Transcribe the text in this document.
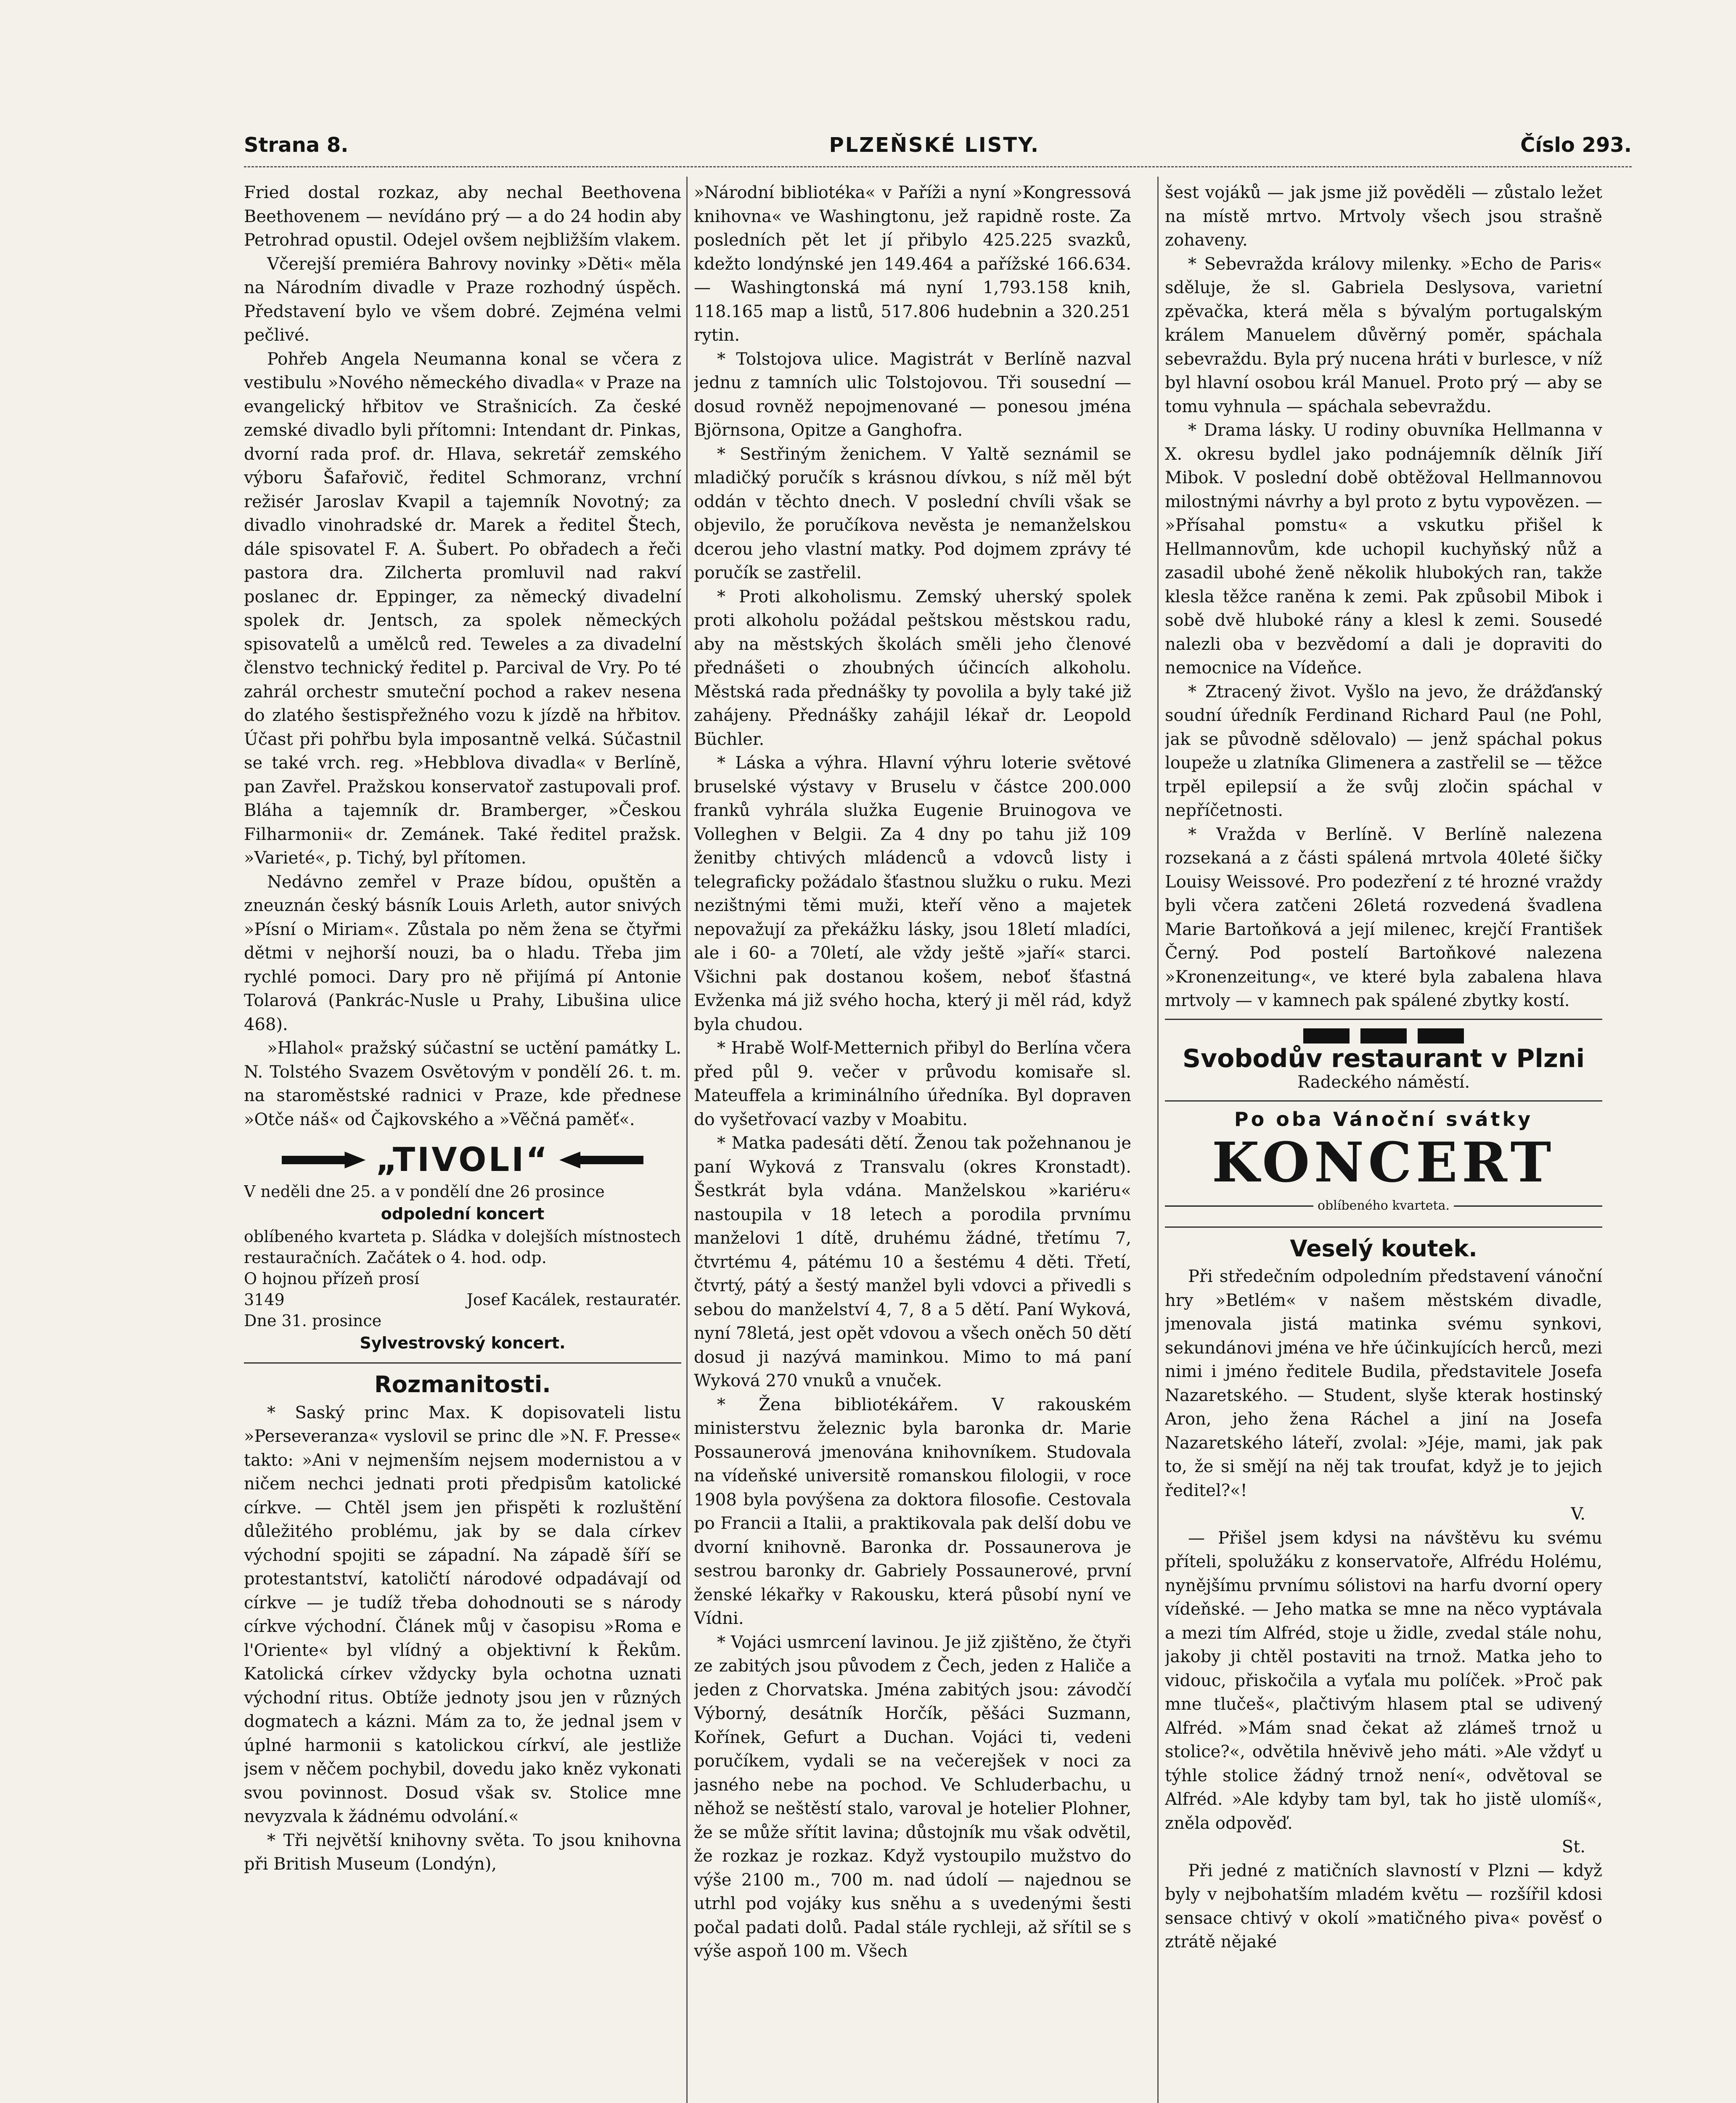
Strana 8.	PLZEŇSKÉ LISTY.	Číslo 293.

Fried dostal rozkaz, aby nechal Beethovena Beethovenem — nevídáno prý — a do 24 hodin aby Petrohrad opustil. Odejel ovšem nejbližším vlakem.

Včerejší premiéra Bahrovy novinky »Děti« měla na Národním divadle v Praze rozhodný úspěch. Představení bylo ve všem dobré. Zejména velmi pečlivé.

Pohřeb Angela Neumanna konal se včera z vestibulu »Nového německého divadla« v Praze na evangelický hřbitov ve Strašnicích. Za české zemské divadlo byli přítomni: Intendant dr. Pinkas, dvorní rada prof. dr. Hlava, sekretář zemského výboru Šafařovič, ředitel Schmoranz, vrchní režisér Jaroslav Kvapil a tajemník Novotný; za divadlo vinohradské dr. Marek a ředitel Štech, dále spisovatel F. A. Šubert. Po obřadech a řeči pastora dra. Zilcherta promluvil nad rakví poslanec dr. Eppinger, za německý divadelní spolek dr. Jentsch, za spolek německých spisovatelů a umělců red. Teweles a za divadelní členstvo technický ředitel p. Parcival de Vry. Po té zahrál orchestr smuteční pochod a rakev nesena do zlatého šestispřežného vozu k jízdě na hřbitov. Účast při pohřbu byla imposantně velká. Súčastnil se také vrch. reg. »Hebblova divadla« v Berlíně, pan Zavřel. Pražskou konservatoř zastupovali prof. Bláha a tajemník dr. Bramberger, »Českou Filharmonii« dr. Zemánek. Také ředitel pražsk. »Varieté«, p. Tichý, byl přítomen.

Nedávno zemřel v Praze bídou, opuštěn a zneuznán český básník Louis Arleth, autor snivých »Písní o Miriam«. Zůstala po něm žena se čtyřmi dětmi v nejhorší nouzi, ba o hladu. Třeba jim rychlé pomoci. Dary pro ně přijímá pí Antonie Tolarová (Pankrác-Nusle u Prahy, Libušina ulice 468).

»Hlahol« pražský súčastní se uctění památky L. N. Tolstého Svazem Osvětovým v pondělí 26. t. m. na staroměstské radnici v Praze, kde přednese »Otče náš« od Čajkovského a »Věčná paměť«.

„TIVOLI“
V neděli dne 25. a v pondělí dne 26 prosince
odpolední koncert
oblíbeného kvarteta p. Sládka v dolejších místnostech restauračních. Začátek o 4. hod. odp.
O hojnou přízeň prosí
3149	Josef Kacálek, restauratér.
Dne 31. prosince
Sylvestrovský koncert.
Rozmanitosti.

* Saský princ Max. K dopisovateli listu »Perseveranza« vyslovil se princ dle »N. F. Presse« takto: »Ani v nejmenším nejsem modernistou a v ničem nechci jednati proti předpisům katolické církve. — Chtěl jsem jen přispěti k rozluštění důležitého problému, jak by se dala církev východní spojiti se západní. Na západě šíří se protestantství, katoličtí národové odpadávají od církve — je tudíž třeba dohodnouti se s národy církve východní. Článek můj v časopisu »Roma e l'Oriente« byl vlídný a objektivní k Řekům. Katolická církev vždycky byla ochotna uznati východní ritus. Obtíže jednoty jsou jen v různých dogmatech a kázni. Mám za to, že jednal jsem v úplné harmonii s katolickou církví, ale jestliže jsem v něčem pochybil, dovedu jako kněz vykonati svou povinnost. Dosud však sv. Stolice mne nevyzvala k žádnému odvolání.«

* Tři největší knihovny světa. To jsou knihovna při British Museum (Londýn),

»Národní bibliotéka« v Paříži a nyní »Kongressová knihovna« ve Washingtonu, jež rapidně roste. Za posledních pět let jí přibylo 425.225 svazků, kdežto londýnské jen 149.464 a pařížské 166.634. — Washingtonská má nyní 1,793.158 knih, 118.165 map a listů, 517.806 hudebnin a 320.251 rytin.

* Tolstojova ulice. Magistrát v Berlíně nazval jednu z tamních ulic Tolstojovou. Tři sousední — dosud rovněž nepojmenované — ponesou jména Björnsona, Opitze a Ganghofra.

* Sestřiným ženichem. V Yaltě seznámil se mladičký poručík s krásnou dívkou, s níž měl být oddán v těchto dnech. V poslední chvíli však se objevilo, že poručíkova nevěsta je nemanželskou dcerou jeho vlastní matky. Pod dojmem zprávy té poručík se zastřelil.

* Proti alkoholismu. Zemský uherský spolek proti alkoholu požádal peštskou městskou radu, aby na městských školách směli jeho členové přednášeti o zhoubných účincích alkoholu. Městská rada přednášky ty povolila a byly také již zahájeny. Přednášky zahájil lékař dr. Leopold Büchler.

* Láska a výhra. Hlavní výhru loterie světové bruselské výstavy v Bruselu v částce 200.000 franků vyhrála služka Eugenie Bruinogova ve Volleghen v Belgii. Za 4 dny po tahu již 109 ženitby chtivých mládenců a vdovců listy i telegraficky požádalo šťastnou služku o ruku. Mezi nezištnými těmi muži, kteří věno a majetek nepovažují za překážku lásky, jsou 18letí mladíci, ale i 60- a 70letí, ale vždy ještě »jaří« starci. Všichni pak dostanou košem, neboť šťastná Evženka má již svého hocha, který ji měl rád, když byla chudou.

* Hrabě Wolf-Metternich přibyl do Berlína včera před půl 9. večer v průvodu komisaře sl. Mateuffela a kriminálního úředníka. Byl dopraven do vyšetřovací vazby v Moabitu.

* Matka padesáti dětí. Ženou tak požehnanou je paní Wyková z Transvalu (okres Kronstadt). Šestkrát byla vdána. Manželskou »kariéru« nastoupila v 18 letech a porodila prvnímu manželovi 1 dítě, druhému žádné, třetímu 7, čtvrtému 4, pátému 10 a šestému 4 děti. Třetí, čtvrtý, pátý a šestý manžel byli vdovci a přivedli s sebou do manželství 4, 7, 8 a 5 dětí. Paní Wyková, nyní 78letá, jest opět vdovou a všech oněch 50 dětí dosud ji nazývá maminkou. Mimo to má paní Wyková 270 vnuků a vnuček.

* Žena bibliotékářem. V rakouském ministerstvu železnic byla baronka dr. Marie Possaunerová jmenována knihovníkem. Studovala na vídeňské universitě romanskou filologii, v roce 1908 byla povýšena za doktora filosofie. Cestovala po Francii a Italii, a praktikovala pak delší dobu ve dvorní knihovně. Baronka dr. Possaunerova je sestrou baronky dr. Gabriely Possaunerové, první ženské lékařky v Rakousku, která působí nyní ve Vídni.

* Vojáci usmrcení lavinou. Je již zjištěno, že čtyři ze zabitých jsou původem z Čech, jeden z Haliče a jeden z Chorvatska. Jména zabitých jsou: závodčí Výborný, desátník Horčík, pěšáci Suzmann, Kořínek, Gefurt a Duchan. Vojáci ti, vedeni poručíkem, vydali se na večerejšek v noci za jasného nebe na pochod. Ve Schluderbachu, u něhož se neštěstí stalo, varoval je hotelier Plohner, že se může sřítit lavina; důstojník mu však odvětil, že rozkaz je rozkaz. Když vystoupilo mužstvo do výše 2100 m., 700 m. nad údolí — najednou se utrhl pod vojáky kus sněhu a s uvedenými šesti počal padati dolů. Padal stále rychleji, až sřítil se s výše aspoň 100 m. Všech

šest vojáků — jak jsme již pověděli — zůstalo ležet na místě mrtvo. Mrtvoly všech jsou strašně zohaveny.

* Sebevražda královy milenky. »Echo de Paris« sděluje, že sl. Gabriela Deslysova, varietní zpěvačka, která měla s bývalým portugalským králem Manuelem důvěrný poměr, spáchala sebevraždu. Byla prý nucena hráti v burlesce, v níž byl hlavní osobou král Manuel. Proto prý — aby se tomu vyhnula — spáchala sebevraždu.

* Drama lásky. U rodiny obuvníka Hellmanna v X. okresu bydlel jako podnájemník dělník Jiří Mibok. V poslední době obtěžoval Hellmannovou milostnými návrhy a byl proto z bytu vypovězen. — »Přísahal pomstu« a vskutku přišel k Hellmannovům, kde uchopil kuchyňský nůž a zasadil ubohé ženě několik hlubokých ran, takže klesla těžce raněna k zemi. Pak způsobil Mibok i sobě dvě hluboké rány a klesl k zemi. Sousedé nalezli oba v bezvědomí a dali je dopraviti do nemocnice na Vídeňce.

* Ztracený život. Vyšlo na jevo, že drážďanský soudní úředník Ferdinand Richard Paul (ne Pohl, jak se původně sdělovalo) — jenž spáchal pokus loupeže u zlatníka Glimenera a zastřelil se — těžce trpěl epilepsií a že svůj zločin spáchal v nepříčetnosti.

* Vražda v Berlíně. V Berlíně nalezena rozsekaná a z části spálená mrtvola 40leté šičky Louisy Weissové. Pro podezření z té hrozné vraždy byli včera zatčeni 26letá rozvedená švadlena Marie Bartoňková a její milenec, krejčí František Černý. Pod postelí Bartoňkové nalezena »Kronenzeitung«, ve které byla zabalena hlava mrtvoly — v kamnech pak spálené zbytky kostí.

Svobodův restaurant v Plzni
Radeckého náměstí.
Po oba Vánoční svátky
KONCERT
oblíbeného kvarteta.
Veselý koutek.

Při středečním odpoledním představení vánoční hry »Betlém« v našem městském divadle, jmenovala jistá matinka svému synkovi, sekundánovi jména ve hře účinkujících herců, mezi nimi i jméno ředitele Budila, představitele Josefa Nazaretského. — Student, slyše kterak hostinský Aron, jeho žena Ráchel a jiní na Josefa Nazaretského láteří, zvolal: »Jéje, mami, jak pak to, že si smějí na něj tak troufat, když je to jejich ředitel?«!

V.

— Přišel jsem kdysi na návštěvu ku svému příteli, spolužáku z konservatoře, Alfrédu Holému, nynějšímu prvnímu sólistovi na harfu dvorní opery vídeňské. — Jeho matka se mne na něco vyptávala a mezi tím Alfréd, stoje u židle, zvedal stále nohu, jakoby ji chtěl postaviti na trnož. Matka jeho to vidouc, přiskočila a vyťala mu políček. »Proč pak mne tlučeš«, plačtivým hlasem ptal se udivený Alfréd. »Mám snad čekat až zlámeš trnož u stolice?«, odvětila hněvivě jeho máti. »Ale vždyť u týhle stolice žádný trnož není«, odvětoval se Alfréd. »Ale kdyby tam byl, tak ho jistě ulomíš«, zněla odpověď.

St.

Při jedné z matičních slavností v Plzni — když byly v nejbohatším mladém květu — rozšířil kdosi sensace chtivý v okolí »matičného piva« pověsť o ztrátě nějaké
